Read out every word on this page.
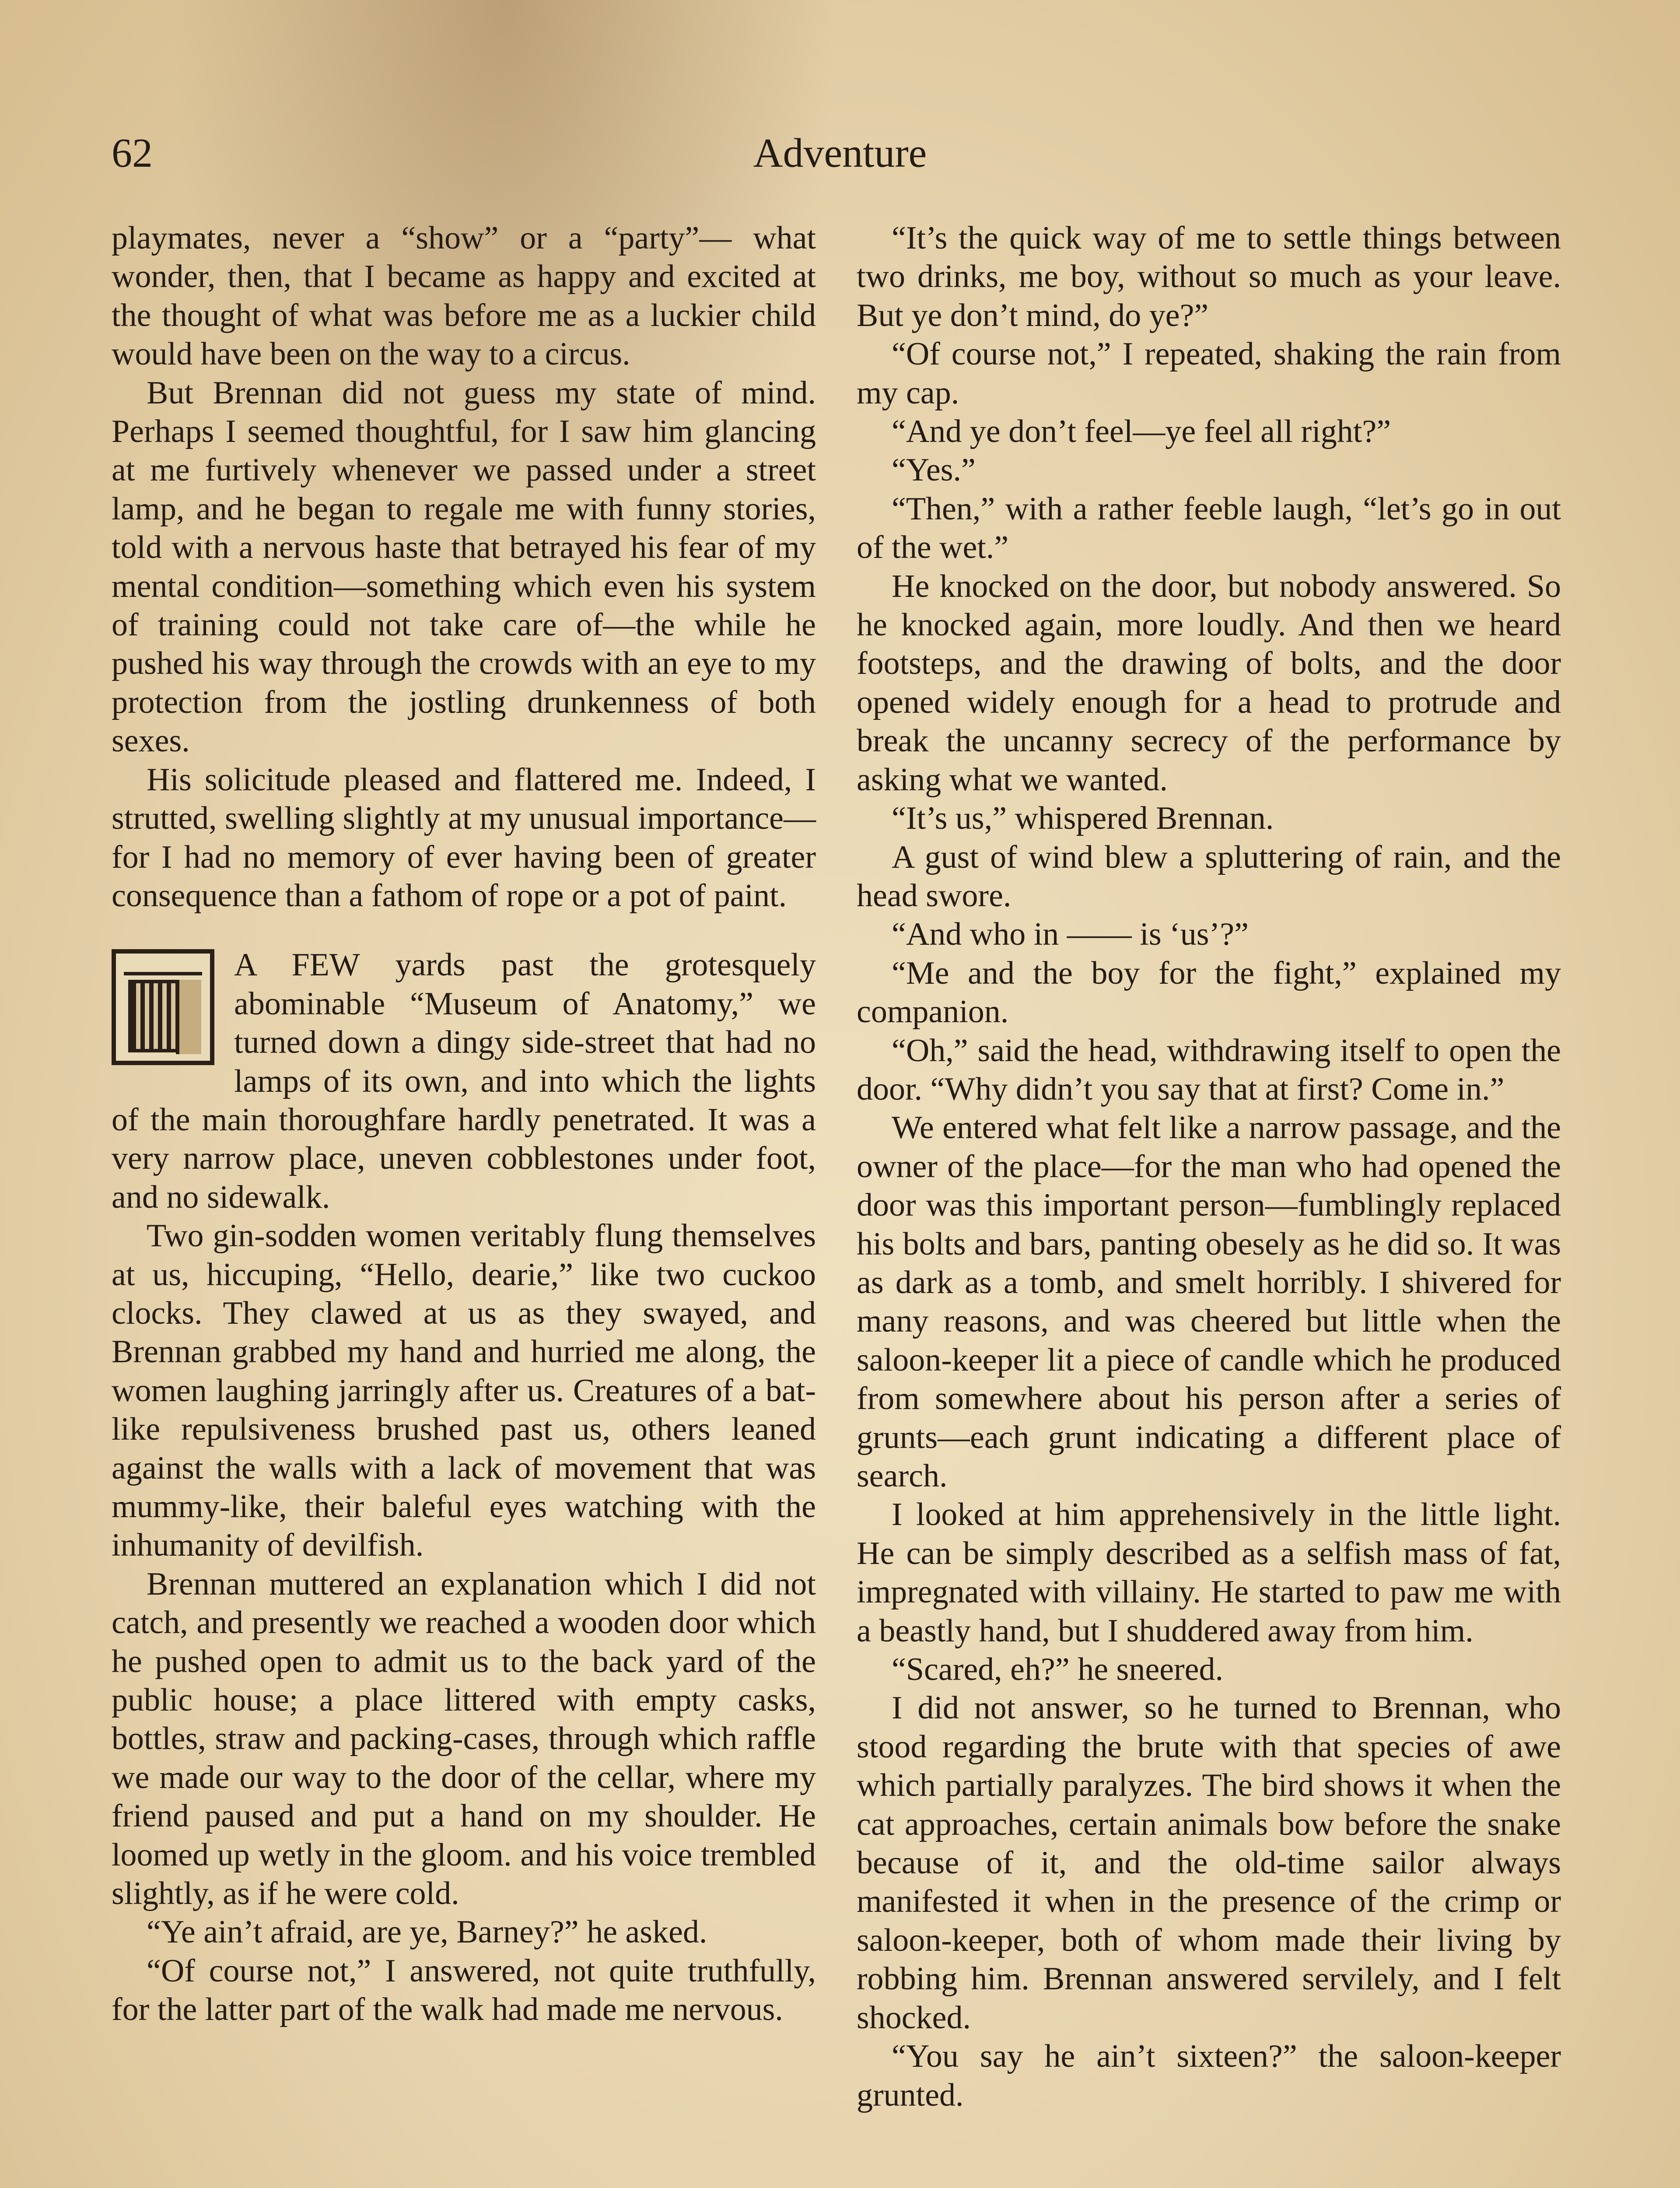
62	Adventure

playmates, never a “show” or a “party”— what wonder, then, that I became as happy and excited at the thought of what was before me as a luckier child would have been on the way to a circus.

But Brennan did not guess my state of mind. Perhaps I seemed thoughtful, for I saw him glancing at me furtively whenever we passed under a street lamp, and he began to regale me with funny stories, told with a nervous haste that betrayed his fear of my mental condition—something which even his system of training could not take care of—the while he pushed his way through the crowds with an eye to my protection from the jostling drunkenness of both sexes.

His solicitude pleased and flattered me. Indeed, I strutted, swelling slightly at my unusual importance—for I had no memory of ever having been of greater consequence than a fathom of rope or a pot of paint.

A FEW yards past the grotesquely abominable “Museum of Anatomy,” we turned down a dingy side-street that had no lamps of its own, and into which the lights of the main thoroughfare hardly penetrated. It was a very narrow place, uneven cobblestones under foot, and no sidewalk.

Two gin-sodden women veritably flung themselves at us, hiccuping, “Hello, dearie,” like two cuckoo clocks. They clawed at us as they swayed, and Brennan grabbed my hand and hurried me along, the women laughing jarringly after us. Creatures of a bat-like repulsiveness brushed past us, others leaned against the walls with a lack of movement that was mummy-like, their baleful eyes watching with the inhumanity of devilfish.

Brennan muttered an explanation which I did not catch, and presently we reached a wooden door which he pushed open to admit us to the back yard of the public house; a place littered with empty casks, bottles, straw and packing-cases, through which raffle we made our way to the door of the cellar, where my friend paused and put a hand on my shoulder. He loomed up wetly in the gloom. and his voice trembled slightly, as if he were cold.

“Ye ain’t afraid, are ye, Barney?” he asked.

“Of course not,” I answered, not quite truthfully, for the latter part of the walk had made me nervous.

“It’s the quick way of me to settle things between two drinks, me boy, without so much as your leave. But ye don’t mind, do ye?”

“Of course not,” I repeated, shaking the rain from my cap.

“And ye don’t feel—ye feel all right?”

“Yes.”

“Then,” with a rather feeble laugh, “let’s go in out of the wet.”

He knocked on the door, but nobody answered. So he knocked again, more loudly. And then we heard footsteps, and the drawing of bolts, and the door opened widely enough for a head to protrude and break the uncanny secrecy of the performance by asking what we wanted.

“It’s us,” whispered Brennan.

A gust of wind blew a spluttering of rain, and the head swore.

“And who in —— is ‘us’?”

“Me and the boy for the fight,” explained my companion.

“Oh,” said the head, withdrawing itself to open the door. “Why didn’t you say that at first? Come in.”

We entered what felt like a narrow passage, and the owner of the place—for the man who had opened the door was this important person—fumblingly replaced his bolts and bars, panting obesely as he did so. It was as dark as a tomb, and smelt horribly. I shivered for many reasons, and was cheered but little when the saloon-keeper lit a piece of candle which he produced from somewhere about his person after a series of grunts—each grunt indicating a different place of search.

I looked at him apprehensively in the little light. He can be simply described as a selfish mass of fat, impregnated with villainy. He started to paw me with a beastly hand, but I shuddered away from him.

“Scared, eh?” he sneered.

I did not answer, so he turned to Brennan, who stood regarding the brute with that species of awe which partially paralyzes. The bird shows it when the cat approaches, certain animals bow before the snake because of it, and the old-time sailor always manifested it when in the presence of the crimp or saloon-keeper, both of whom made their living by robbing him. Brennan answered servilely, and I felt shocked.

“You say he ain’t sixteen?” the saloon-keeper grunted.
